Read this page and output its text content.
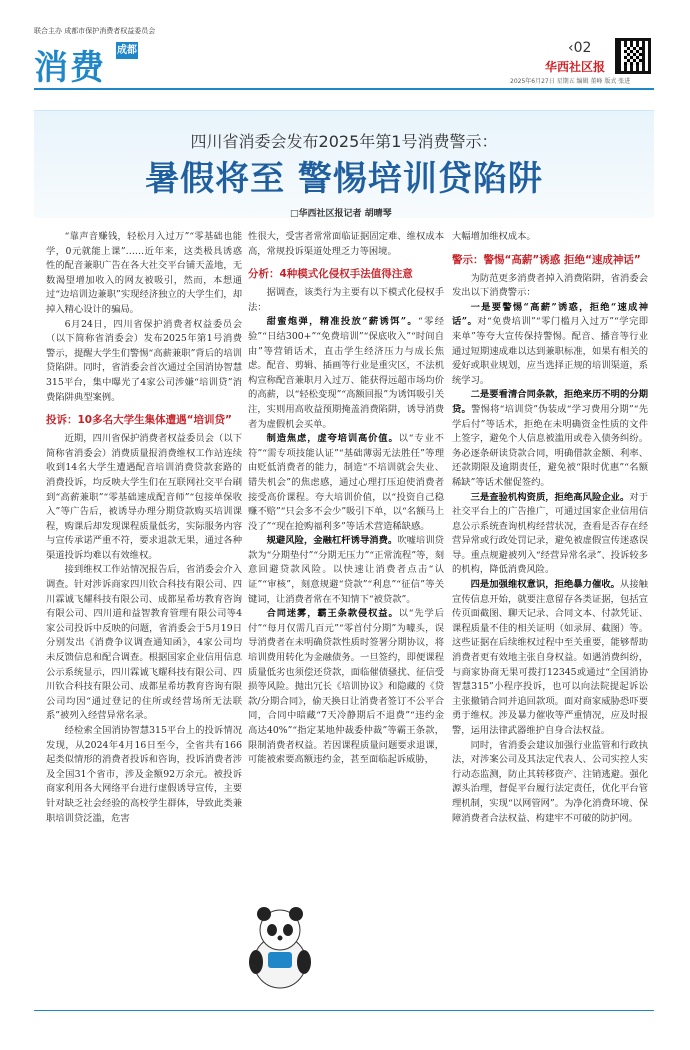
联合主办 成都市保护消费者权益委员会
消费 成都	‹02
华西社区报
2025年6月27日 星期五 编辑 董峰 版式 张进
四川省消委会发布2025年第1号消费警示：
暑假将至 警惕培训贷陷阱
□华西社区报记者 胡晴琴

“靠声音赚钱，轻松月入过万”“零基础也能学，0元就能上课”……近年来，这类极具诱惑性的配音兼职广告在各大社交平台铺天盖地，无数渴望增加收入的网友被吸引，然而，本想通过“边培训边兼职”实现经济独立的大学生们，却掉入精心设计的骗局。

6月24日，四川省保护消费者权益委员会（以下简称省消委会）发布2025年第1号消费警示，提醒大学生们警惕“高薪兼职”背后的培训贷陷阱。同时，省消委会首次通过全国消协智慧315平台，集中曝光了4家公司涉嫌“培训贷”消费陷阱典型案例。

投诉：10多名大学生集体遭遇“培训贷”

近期，四川省保护消费者权益委员会（以下简称省消委会）消费质量报消费维权工作站连续收到14名大学生遭遇配音培训消费贷款套路的消费投诉，均反映大学生们在互联网社交平台刷到“高薪兼职”“零基础速成配音师”“包接单保收入”等广告后，被诱导办理分期贷款购买培训课程，购课后却发现课程质量低劣，实际服务内容与宣传承诺严重不符，要求退款无果，通过各种渠道投诉均难以有效维权。

接到维权工作站情况报告后，省消委会介入调查。针对涉诉商家四川钦合科技有限公司、四川霖诚飞耀科技有限公司、成都星希坊教育咨询有限公司、四川道和益智教育管理有限公司等4家公司投诉中反映的问题，省消委会于5月19日分别发出《消费争议调查通知函》，4家公司均未反馈信息和配合调查。根据国家企业信用信息公示系统显示，四川霖诚飞耀科技有限公司、四川钦合科技有限公司、成都星希坊教育咨询有限公司均因“通过登记的住所或经营场所无法联系”被列入经营异常名录。

经检索全国消协智慧315平台上的投诉情况发现，从2024年4月16日至今，全省共有166起类似情形的消费者投诉和咨询，投诉消费者涉及全国31个省市，涉及金额92万余元。被投诉商家利用各大网络平台进行虚假诱导宣传，主要针对缺乏社会经验的高校学生群体，导致此类兼职培训贷泛滥，危害

性很大，受害者常常面临证据固定难、维权成本高，常规投诉渠道处理乏力等困境。

分析：4种模式化侵权手法值得注意

据调查，该类行为主要有以下模式化侵权手法：

甜蜜炮弹，精准投放“薪诱饵”。“零经验”“日结300+”“免费培训”“保底收入”“时间自由”等营销话术，直击学生经济压力与成长焦虑。配音、剪辑、插画等行业是重灾区，不法机构宣称配音兼职月入过万、能获得远超市场均价的高薪，以“轻松变现”“高额回报”为诱饵吸引关注，实则用高收益预期掩盖消费陷阱，诱导消费者为虚假机会买单。

制造焦虑，虚夸培训高价值。以“专业不符”“需专项技能认证”“基础薄弱无法胜任”等理由贬低消费者的能力，制造“不培训就会失业、错失机会”的焦虑感，通过心理打压迫使消费者接受高价课程。夸大培训价值，以“投资自己稳赚不赔”“只会多不会少”吸引下单，以“名额马上没了”“现在抢购福利多”等话术营造稀缺感。

规避风险，金融杠杆诱导消费。吹嘘培训贷款为“分期垫付”“分期无压力”“正常流程”等，刻意回避贷款风险。以快速让消费者点击“认证”“审核”，刻意规避“贷款”“利息”“征信”等关键词，让消费者常在不知情下“被贷款”。

合同迷雾，霸王条款侵权益。以“先学后付”“每月仅需几百元”“零首付分期”为噱头，误导消费者在未明确贷款性质时签署分期协议，将培训费用转化为金融债务。一旦签约，即便课程质量低劣也须偿还贷款，面临催债骚扰、征信受损等风险。抛出冗长《培训协议》和隐藏的《贷款/分期合同》，偷天换日让消费者签订不公平合同，合同中暗藏“7天冷静期后不退费”“违约金高达40%”“指定某地仲裁委仲裁”等霸王条款，限制消费者权益。若因课程质量问题要求退课，可能被索要高额违约金，甚至面临起诉威胁，

大幅增加维权成本。

警示：警惕“高薪”诱惑 拒绝“速成神话”

为防范更多消费者掉入消费陷阱，省消委会发出以下消费警示：

一是要警惕“高薪”诱惑，拒绝“速成神话”。对“免费培训”“零门槛月入过万”“学完即来单”等夸大宣传保持警惕。配音、播音等行业通过短期速成难以达到兼职标准，如果有相关的爱好或职业规划，应当选择正规的培训渠道，系统学习。

二是要看清合同条款，拒绝来历不明的分期贷。警惕将“培训贷”伪装成“学习费用分期”“先学后付”等话术，拒绝在未明确资金性质的文件上签字，避免个人信息被滥用或卷入债务纠纷。务必逐条研读贷款合同，明确借款金额、利率、还款期限及逾期责任，避免被“限时优惠”“名额稀缺”等话术催促签约。

三是查验机构资质，拒绝高风险企业。对于社交平台上的广告推广，可通过国家企业信用信息公示系统查询机构经营状况，查看是否存在经营异常或行政处罚记录，避免被虚假宣传迷惑误导。重点规避被列入“经营异常名录”、投诉较多的机构，降低消费风险。

四是加强维权意识，拒绝暴力催收。从接触宣传信息开始，就要注意留存各类证据，包括宣传页面截图、聊天记录、合同文本、付款凭证、课程质量不佳的相关证明（如录屏、截图）等。这些证据在后续维权过程中至关重要，能够帮助消费者更有效地主张自身权益。如遇消费纠纷，与商家协商无果可拨打12345或通过“全国消协智慧315”小程序投诉，也可以向法院提起诉讼主张撤销合同并追回款项。面对商家威胁恐吓要勇于维权。涉及暴力催收等严重情况，应及时报警，运用法律武器维护自身合法权益。

同时，省消委会建议加强行业监管和行政执法，对涉案公司及其法定代表人、公司实控人实行动态监测，防止其转移资产、注销逃避。强化源头治理，督促平台履行法定责任，优化平台管理机制，实现“以网管网”。为净化消费环境、保障消费者合法权益、构建牢不可破的防护网。
